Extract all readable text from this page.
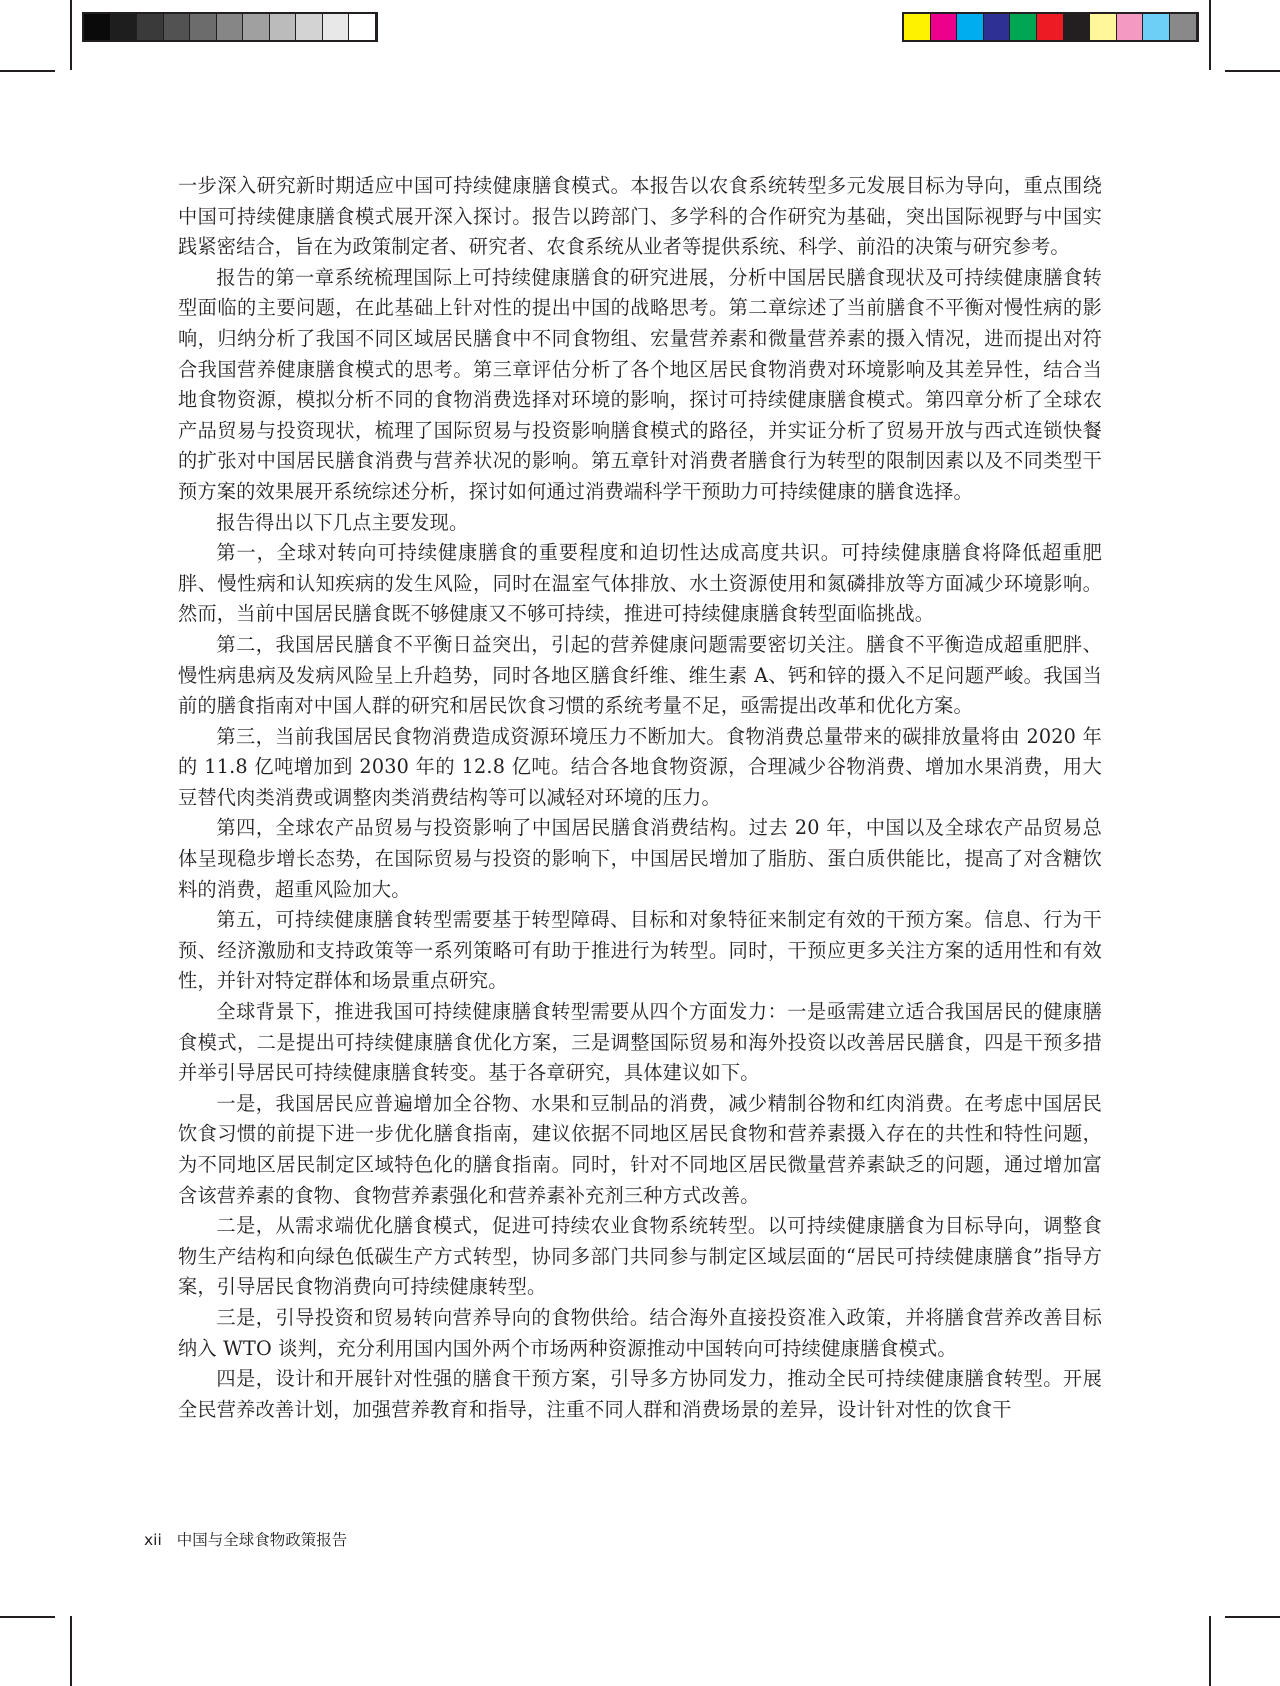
一步深入研究新时期适应中国可持续健康膳食模式。本报告以农食系统转型多元发展目标为导向，重点围绕中国可持续健康膳食模式展开深入探讨。报告以跨部门、多学科的合作研究为基础，突出国际视野与中国实践紧密结合，旨在为政策制定者、研究者、农食系统从业者等提供系统、科学、前沿的决策与研究参考。

报告的第一章系统梳理国际上可持续健康膳食的研究进展，分析中国居民膳食现状及可持续健康膳食转型面临的主要问题，在此基础上针对性的提出中国的战略思考。第二章综述了当前膳食不平衡对慢性病的影响，归纳分析了我国不同区域居民膳食中不同食物组、宏量营养素和微量营养素的摄入情况，进而提出对符合我国营养健康膳食模式的思考。第三章评估分析了各个地区居民食物消费对环境影响及其差异性，结合当地食物资源，模拟分析不同的食物消费选择对环境的影响，探讨可持续健康膳食模式。第四章分析了全球农产品贸易与投资现状，梳理了国际贸易与投资影响膳食模式的路径，并实证分析了贸易开放与西式连锁快餐的扩张对中国居民膳食消费与营养状况的影响。第五章针对消费者膳食行为转型的限制因素以及不同类型干预方案的效果展开系统综述分析，探讨如何通过消费端科学干预助力可持续健康的膳食选择。

报告得出以下几点主要发现。

第一，全球对转向可持续健康膳食的重要程度和迫切性达成高度共识。可持续健康膳食将降低超重肥胖、慢性病和认知疾病的发生风险，同时在温室气体排放、水土资源使用和氮磷排放等方面减少环境影响。然而，当前中国居民膳食既不够健康又不够可持续，推进可持续健康膳食转型面临挑战。

第二，我国居民膳食不平衡日益突出，引起的营养健康问题需要密切关注。膳食不平衡造成超重肥胖、慢性病患病及发病风险呈上升趋势，同时各地区膳食纤维、维生素 A、钙和锌的摄入不足问题严峻。我国当前的膳食指南对中国人群的研究和居民饮食习惯的系统考量不足，亟需提出改革和优化方案。

第三，当前我国居民食物消费造成资源环境压力不断加大。食物消费总量带来的碳排放量将由 2020 年的 11.8 亿吨增加到 2030 年的 12.8 亿吨。结合各地食物资源，合理减少谷物消费、增加水果消费，用大豆替代肉类消费或调整肉类消费结构等可以减轻对环境的压力。

第四，全球农产品贸易与投资影响了中国居民膳食消费结构。过去 20 年，中国以及全球农产品贸易总体呈现稳步增长态势，在国际贸易与投资的影响下，中国居民增加了脂肪、蛋白质供能比，提高了对含糖饮料的消费，超重风险加大。

第五，可持续健康膳食转型需要基于转型障碍、目标和对象特征来制定有效的干预方案。信息、行为干预、经济激励和支持政策等一系列策略可有助于推进行为转型。同时，干预应更多关注方案的适用性和有效性，并针对特定群体和场景重点研究。

全球背景下，推进我国可持续健康膳食转型需要从四个方面发力：一是亟需建立适合我国居民的健康膳食模式，二是提出可持续健康膳食优化方案，三是调整国际贸易和海外投资以改善居民膳食，四是干预多措并举引导居民可持续健康膳食转变。基于各章研究，具体建议如下。

一是，我国居民应普遍增加全谷物、水果和豆制品的消费，减少精制谷物和红肉消费。在考虑中国居民饮食习惯的前提下进一步优化膳食指南，建议依据不同地区居民食物和营养素摄入存在的共性和特性问题，为不同地区居民制定区域特色化的膳食指南。同时，针对不同地区居民微量营养素缺乏的问题，通过增加富含该营养素的食物、食物营养素强化和营养素补充剂三种方式改善。

二是，从需求端优化膳食模式，促进可持续农业食物系统转型。以可持续健康膳食为目标导向，调整食物生产结构和向绿色低碳生产方式转型，协同多部门共同参与制定区域层面的“居民可持续健康膳食”指导方案，引导居民食物消费向可持续健康转型。

三是，引导投资和贸易转向营养导向的食物供给。结合海外直接投资准入政策，并将膳食营养改善目标纳入 WTO 谈判，充分利用国内国外两个市场两种资源推动中国转向可持续健康膳食模式。

四是，设计和开展针对性强的膳食干预方案，引导多方协同发力，推动全民可持续健康膳食转型。开展全民营养改善计划，加强营养教育和指导，注重不同人群和消费场景的差异，设计针对性的饮食干

xii 中国与全球食物政策报告
